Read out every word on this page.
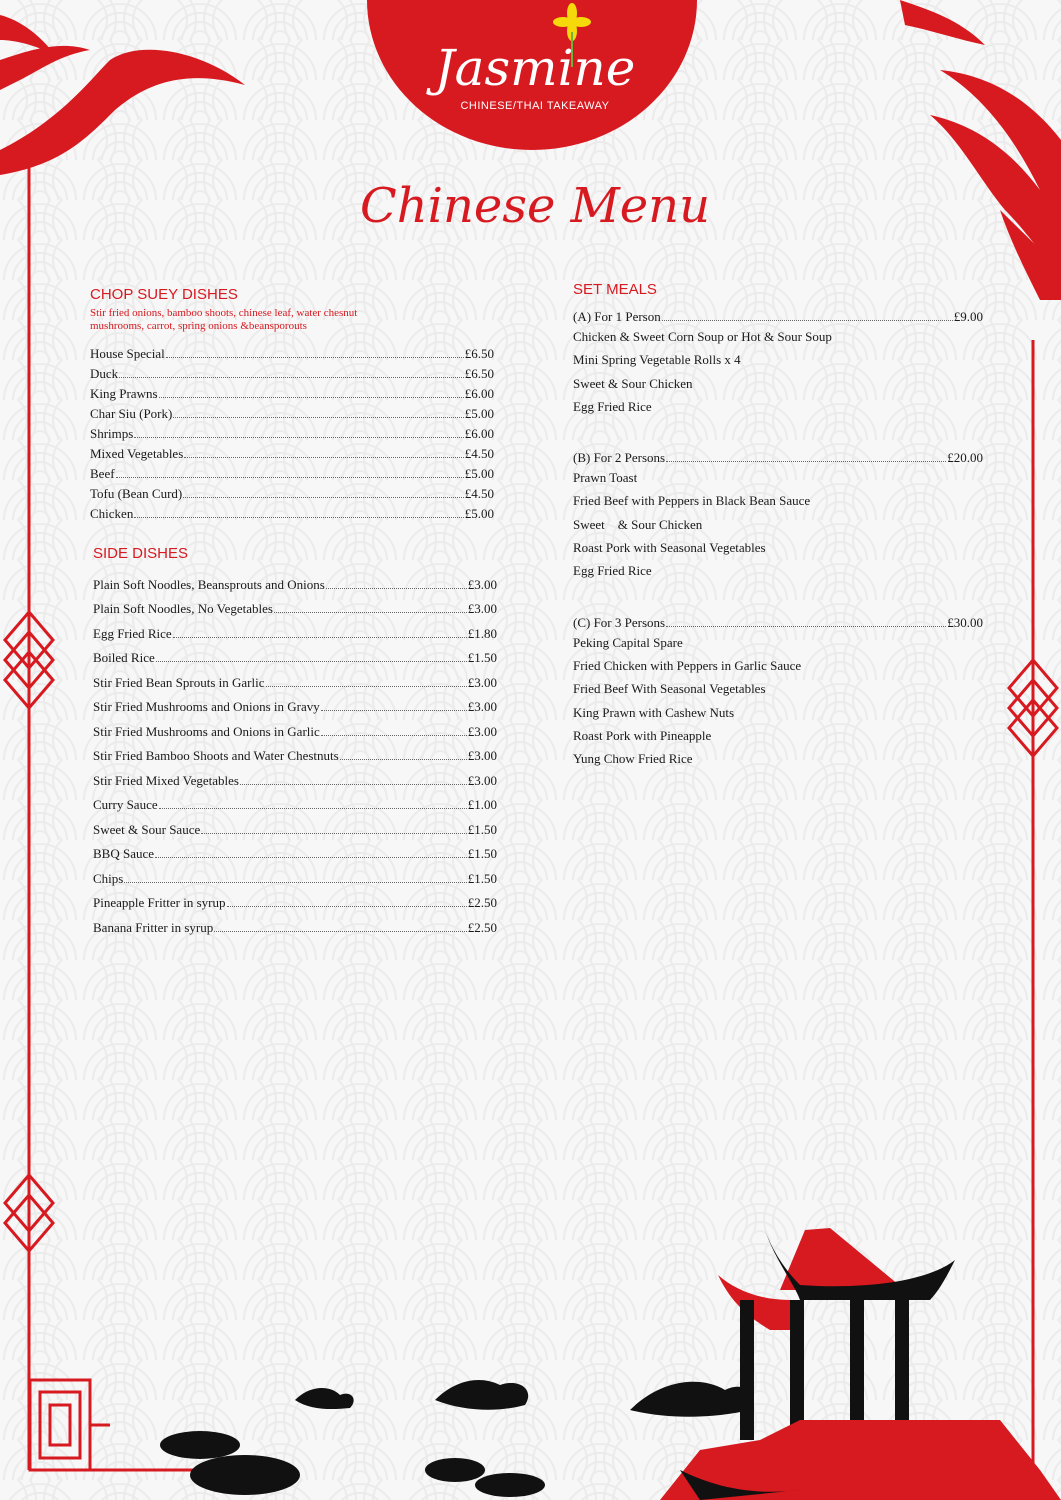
Jasmine
CHINESE/THAI TAKEAWAY
Chinese Menu
CHOP SUEY DISHES
Stir fried onions, bamboo shoots, chinese leaf, water chesnut
mushrooms, carrot, spring onions &beansporouts
House Special	£6.50
Duck	£6.50
King Prawns	£6.00
Char Siu (Pork)	£5.00
Shrimps	£6.00
Mixed Vegetables	£4.50
Beef	£5.00
Tofu (Bean Curd)	£4.50
Chicken	£5.00
SIDE DISHES
Plain Soft Noodles, Beansprouts and Onions	£3.00
Plain Soft Noodles, No Vegetables	£3.00
Egg Fried Rice	£1.80
Boiled Rice	£1.50
Stir Fried Bean Sprouts in Garlic	£3.00
Stir Fried Mushrooms and Onions in Gravy	£3.00
Stir Fried Mushrooms and Onions in Garlic	£3.00
Stir Fried Bamboo Shoots and Water Chestnuts	£3.00
Stir Fried Mixed Vegetables	£3.00
Curry Sauce	£1.00
Sweet & Sour Sauce	£1.50
BBQ Sauce	£1.50
Chips	£1.50
Pineapple Fritter in syrup	£2.50
Banana Fritter in syrup	£2.50
SET MEALS
(A) For 1 Person	£9.00
Chicken & Sweet Corn Soup or Hot & Sour Soup
Mini Spring Vegetable Rolls x 4
Sweet & Sour Chicken
Egg Fried Rice
(B) For 2 Persons	£20.00
Prawn Toast
Fried Beef with Peppers in Black Bean Sauce
Sweet    & Sour Chicken
Roast Pork with Seasonal Vegetables
Egg Fried Rice
(C) For 3 Persons	£30.00
Peking Capital Spare
Fried Chicken with Peppers in Garlic Sauce
Fried Beef With Seasonal Vegetables
King Prawn with Cashew Nuts
Roast Pork with Pineapple
Yung Chow Fried Rice
